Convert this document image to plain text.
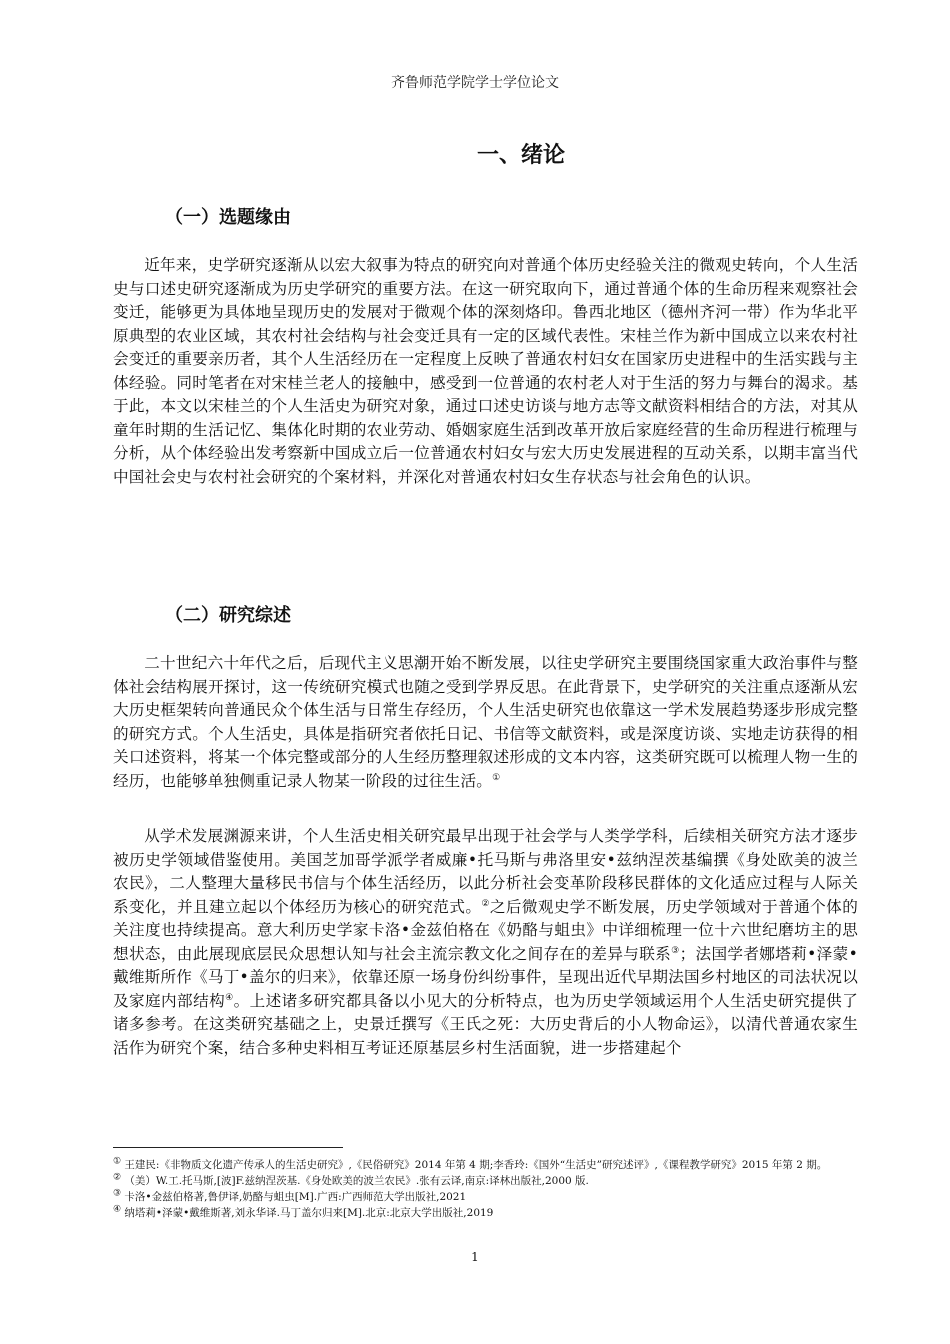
齐鲁师范学院学士学位论文
一、绪论
（一）选题缘由

近年来，史学研究逐渐从以宏大叙事为特点的研究向对普通个体历史经验关注的微观史转向，个人生活史与口述史研究逐渐成为历史学研究的重要方法。在这一研究取向下，通过普通个体的生命历程来观察社会变迁，能够更为具体地呈现历史的发展对于微观个体的深刻烙印。鲁西北地区（德州齐河一带）作为华北平原典型的农业区域，其农村社会结构与社会变迁具有一定的区域代表性。宋桂兰作为新中国成立以来农村社会变迁的重要亲历者，其个人生活经历在一定程度上反映了普通农村妇女在国家历史进程中的生活实践与主体经验。同时笔者在对宋桂兰老人的接触中，感受到一位普通的农村老人对于生活的努力与舞台的渴求。基于此，本文以宋桂兰的个人生活史为研究对象，通过口述史访谈与地方志等文献资料相结合的方法，对其从童年时期的生活记忆、集体化时期的农业劳动、婚姻家庭生活到改革开放后家庭经营的生命历程进行梳理与分析，从个体经验出发考察新中国成立后一位普通农村妇女与宏大历史发展进程的互动关系，以期丰富当代中国社会史与农村社会研究的个案材料，并深化对普通农村妇女生存状态与社会角色的认识。

（二）研究综述

二十世纪六十年代之后，后现代主义思潮开始不断发展，以往史学研究主要围绕国家重大政治事件与整体社会结构展开探讨，这一传统研究模式也随之受到学界反思。在此背景下，史学研究的关注重点逐渐从宏大历史框架转向普通民众个体生活与日常生存经历，个人生活史研究也依靠这一学术发展趋势逐步形成完整的研究方式。个人生活史，具体是指研究者依托日记、书信等文献资料，或是深度访谈、实地走访获得的相关口述资料，将某一个体完整或部分的人生经历整理叙述形成的文本内容，这类研究既可以梳理人物一生的经历，也能够单独侧重记录人物某一阶段的过往生活。①

从学术发展渊源来讲，个人生活史相关研究最早出现于社会学与人类学学科，后续相关研究方法才逐步被历史学领域借鉴使用。美国芝加哥学派学者威廉•托马斯与弗洛里安•兹纳涅茨基编撰《身处欧美的波兰农民》，二人整理大量移民书信与个体生活经历，以此分析社会变革阶段移民群体的文化适应过程与人际关系变化，并且建立起以个体经历为核心的研究范式。②之后微观史学不断发展，历史学领域对于普通个体的关注度也持续提高。意大利历史学家卡洛•金兹伯格在《奶酪与蛆虫》中详细梳理一位十六世纪磨坊主的思想状态，由此展现底层民众思想认知与社会主流宗教文化之间存在的差异与联系③；法国学者娜塔莉•泽蒙•戴维斯所作《马丁•盖尔的归来》，依靠还原一场身份纠纷事件，呈现出近代早期法国乡村地区的司法状况以及家庭内部结构④。上述诸多研究都具备以小见大的分析特点，也为历史学领域运用个人生活史研究提供了诸多参考。在这类研究基础之上，史景迁撰写《王氏之死：大历史背后的小人物命运》，以清代普通农家生活作为研究个案，结合多种史料相互考证还原基层乡村生活面貌，进一步搭建起个

① 王建民:《非物质文化遗产传承人的生活史研究》,《民俗研究》2014 年第 4 期;李香玲:《国外“生活史”研究述评》,《课程教学研究》2015 年第 2 期。

② （美）W.工.托马斯,[波]F.兹纳涅茨基.《身处欧美的波兰农民》.张有云译,南京:译林出版社,2000 版.

③ 卡洛•金兹伯格著,鲁伊译,奶酪与蛆虫[M].广西:广西师范大学出版社,2021

④ 纳塔莉•泽蒙•戴维斯著,刘永华译.马丁盖尔归来[M].北京:北京大学出版社,2019

1
